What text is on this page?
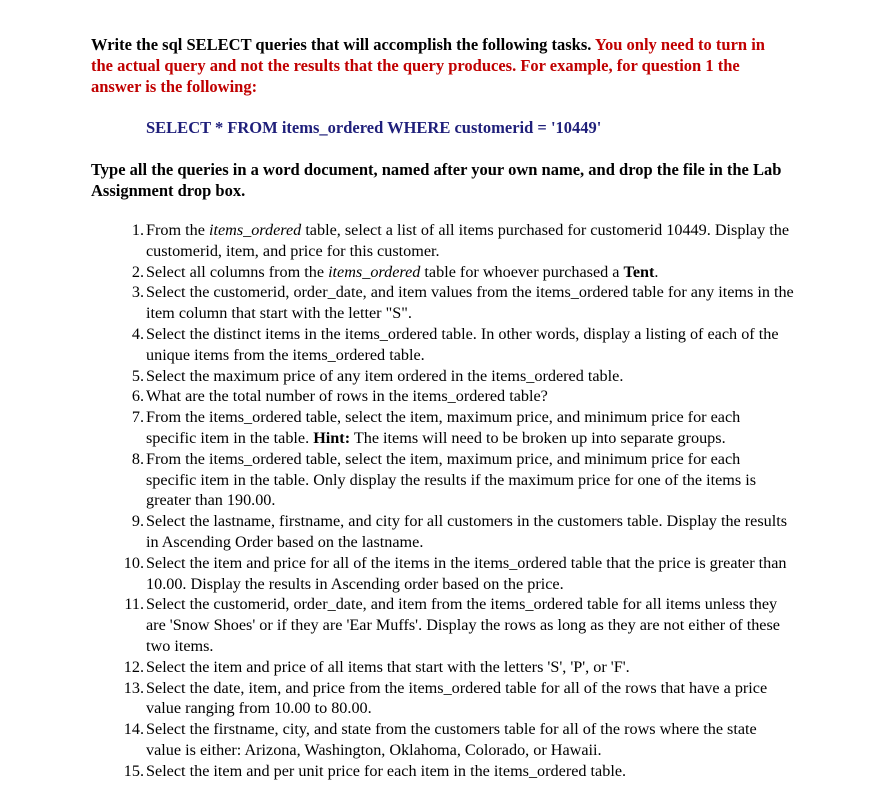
Write the sql SELECT queries that will accomplish the following tasks. You only need to turn in the actual query and not the results that the query produces. For example, for question 1 the answer is the following:

SELECT * FROM items_ordered WHERE customerid = '10449'

Type all the queries in a word document, named after your own name, and drop the file in the Lab Assignment drop box.

1. From the items_ordered table, select a list of all items purchased for customerid 10449. Display the customerid, item, and price for this customer.
2. Select all columns from the items_ordered table for whoever purchased a Tent.
3. Select the customerid, order_date, and item values from the items_ordered table for any items in the item column that start with the letter "S".
4. Select the distinct items in the items_ordered table. In other words, display a listing of each of the unique items from the items_ordered table.
5. Select the maximum price of any item ordered in the items_ordered table.
6. What are the total number of rows in the items_ordered table?
7. From the items_ordered table, select the item, maximum price, and minimum price for each specific item in the table. Hint: The items will need to be broken up into separate groups.
8. From the items_ordered table, select the item, maximum price, and minimum price for each specific item in the table. Only display the results if the maximum price for one of the items is greater than 190.00.
9. Select the lastname, firstname, and city for all customers in the customers table. Display the results in Ascending Order based on the lastname.
10. Select the item and price for all of the items in the items_ordered table that the price is greater than 10.00. Display the results in Ascending order based on the price.
11. Select the customerid, order_date, and item from the items_ordered table for all items unless they are 'Snow Shoes' or if they are 'Ear Muffs'. Display the rows as long as they are not either of these two items.
12. Select the item and price of all items that start with the letters 'S', 'P', or 'F'.
13. Select the date, item, and price from the items_ordered table for all of the rows that have a price value ranging from 10.00 to 80.00.
14. Select the firstname, city, and state from the customers table for all of the rows where the state value is either: Arizona, Washington, Oklahoma, Colorado, or Hawaii.
15. Select the item and per unit price for each item in the items_ordered table.
